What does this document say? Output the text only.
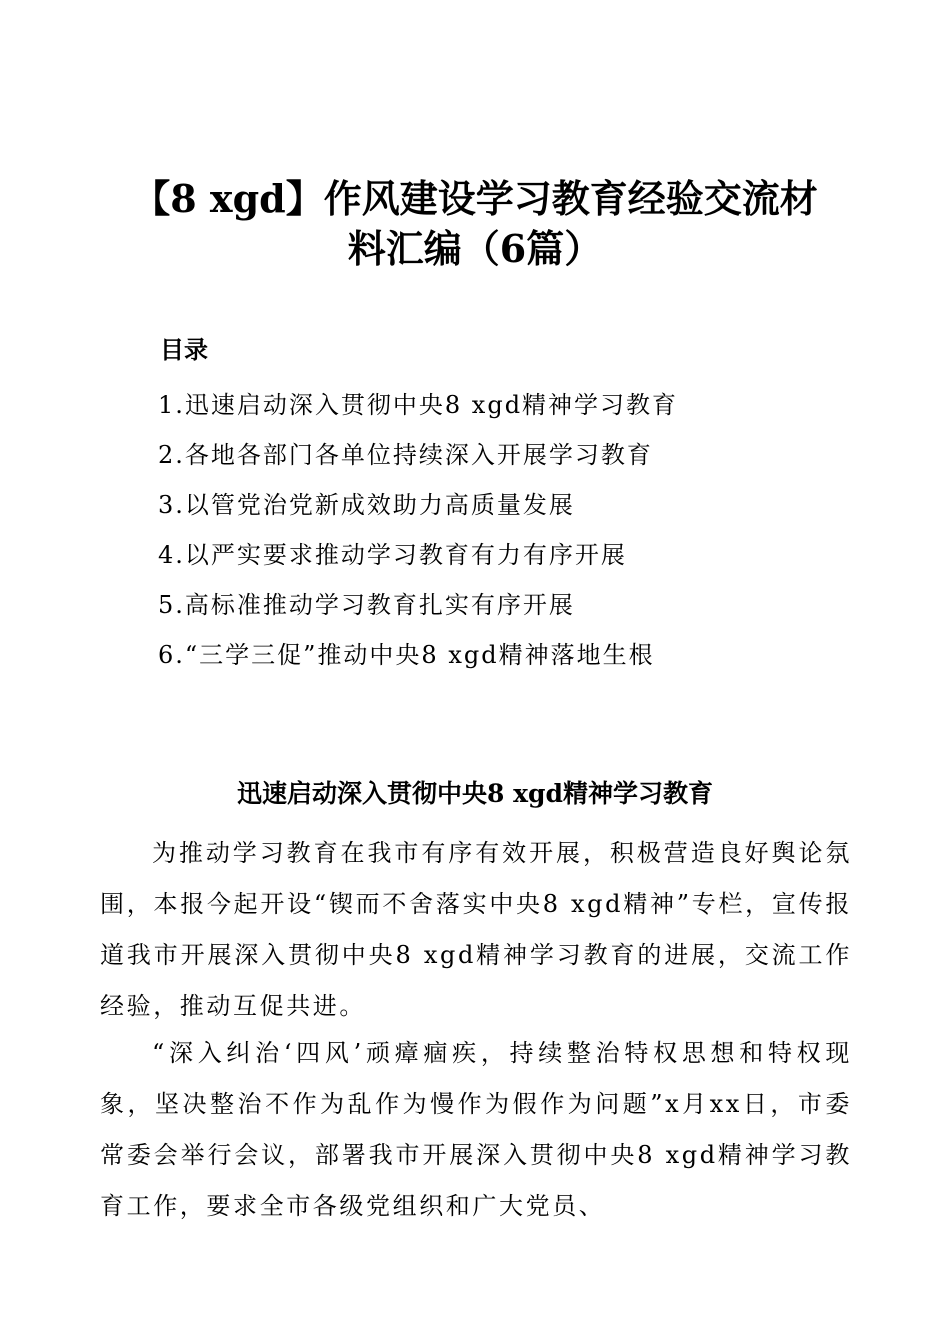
【8 xgd】作风建设学习教育经验交流材
料汇编（6篇）
目录
1.迅速启动深入贯彻中央8 xgd精神学习教育
2.各地各部门各单位持续深入开展学习教育
3.以管党治党新成效助力高质量发展
4.以严实要求推动学习教育有力有序开展
5.高标准推动学习教育扎实有序开展
6.“三学三促”推动中央8 xgd精神落地生根
迅速启动深入贯彻中央8 xgd精神学习教育

为推动学习教育在我市有序有效开展，积极营造良好舆论氛围，本报今起开设“锲而不舍落实中央8 xgd精神”专栏，宣传报道我市开展深入贯彻中央8 xgd精神学习教育的进展，交流工作经验，推动互促共进。

“深入纠治‘四风’顽瘴痼疾，持续整治特权思想和特权现象，坚决整治不作为乱作为慢作为假作为问题”x月xx日，市委常委会举行会议，部署我市开展深入贯彻中央8 xgd精神学习教育工作，要求全市各级党组织和广大党员、
